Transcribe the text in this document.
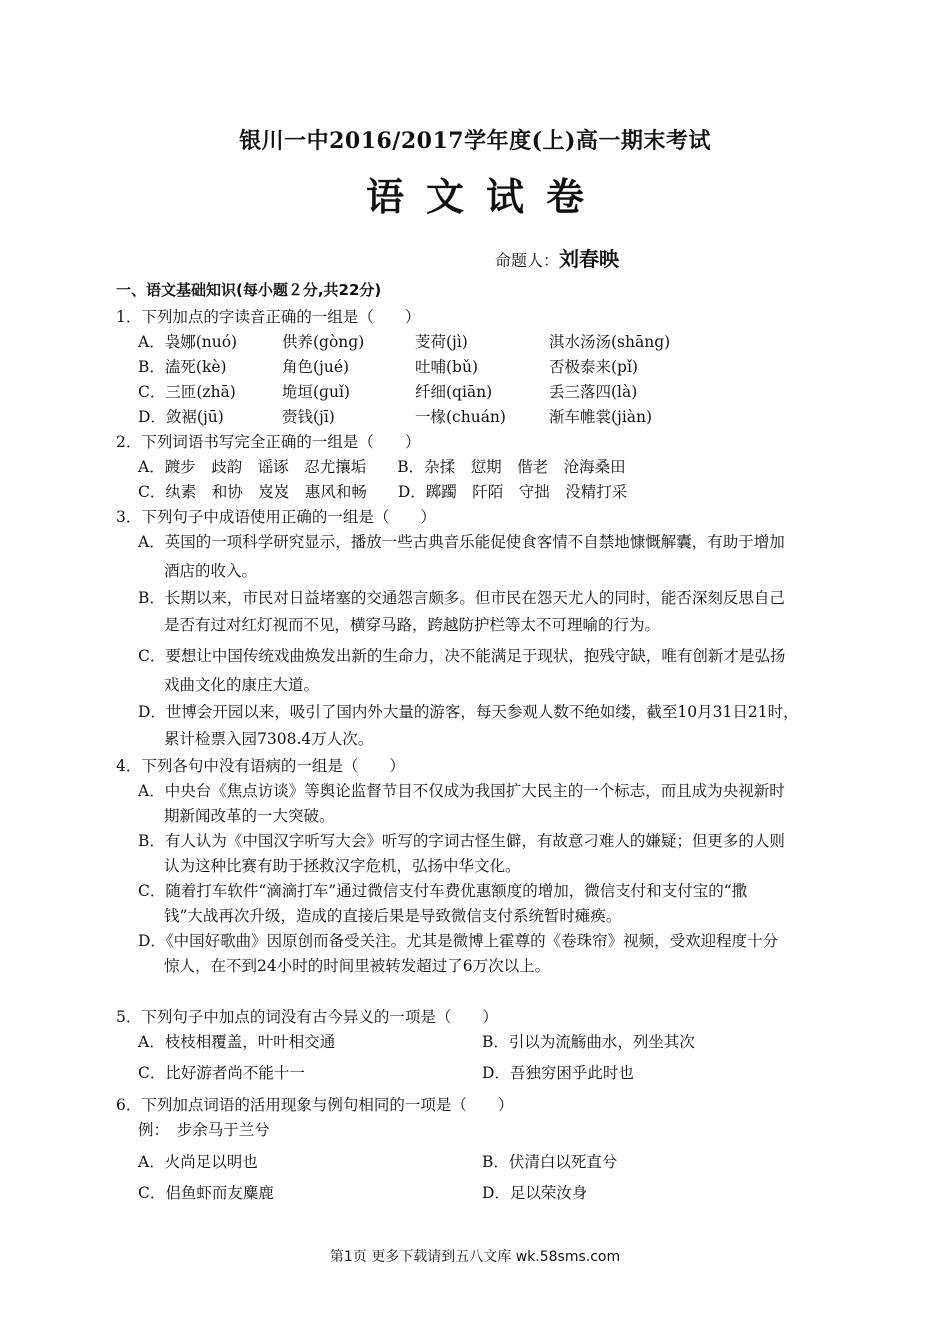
银川一中2016/2017学年度(上)高一期末考试
语文试卷
命题人：刘春映
一、语文基础知识(每小题２分,共22分)
1．下列加点的字读音正确的一组是（　　）
A．袅娜(nuó)	供养(gònɡ)	芰荷(jì)	淇水汤汤(shānɡ)
B．溘死(kè)	角色(jué)	吐哺(bǔ)	否极泰来(pǐ)
C．三匝(zhā)	垝垣(ɡuǐ)	纤细(qiān)	丢三落四(là)
D．敛裾(jū)	赍钱(jī)	一椽(chuán)	渐车帷裳(jiàn)
2．下列词语书写完全正确的一组是（　　）
A．踱步　歧韵　谣诼　忍尤攘垢　　B．杂揉　愆期　偕老　沧海桑田
C．纨素　和协　岌岌　惠风和畅　　D．踯躅　阡陌　守拙　没精打采
3．下列句子中成语使用正确的一组是（　　）
A．英国的一项科学研究显示，播放一些古典音乐能促使食客情不自禁地慷慨解囊，有助于增加
酒店的收入。
B．长期以来，市民对日益堵塞的交通怨言颇多。但市民在怨天尤人的同时，能否深刻反思自己
是否有过对红灯视而不见，横穿马路，跨越防护栏等太不可理喻的行为。
C．要想让中国传统戏曲焕发出新的生命力，决不能满足于现状，抱残守缺，唯有创新才是弘扬
戏曲文化的康庄大道。
D．世博会开园以来，吸引了国内外大量的游客，每天参观人数不绝如缕，截至10月31日21时，
累计检票入园7308.4万人次。
4．下列各句中没有语病的一组是（　　）
A．中央台《焦点访谈》等舆论监督节目不仅成为我国扩大民主的一个标志，而且成为央视新时
期新闻改革的一大突破。
B．有人认为《中国汉字听写大会》听写的字词古怪生僻，有故意刁难人的嫌疑；但更多的人则
认为这种比赛有助于拯救汉字危机，弘扬中华文化。
C．随着打车软件“滴滴打车”通过微信支付车费优惠额度的增加，微信支付和支付宝的“撒
钱”大战再次升级，造成的直接后果是导致微信支付系统暂时瘫痪。
D．《中国好歌曲》因原创而备受关注。尤其是微博上霍尊的《卷珠帘》视频，受欢迎程度十分
惊人，在不到24小时的时间里被转发超过了6万次以上。
5．下列句子中加点的词没有古今异义的一项是（　　）
A．枝枝相覆盖，叶叶相交通	B．引以为流觞曲水，列坐其次
C．比好游者尚不能十一	D．吾独穷困乎此时也
6．下列加点词语的活用现象与例句相同的一项是（　　）
例：　步余马于兰兮
A．火尚足以明也	B．伏清白以死直兮
C．侣鱼虾而友麋鹿	D．足以荣汝身
第1页 更多下载请到五八文库 wk.58sms.com
